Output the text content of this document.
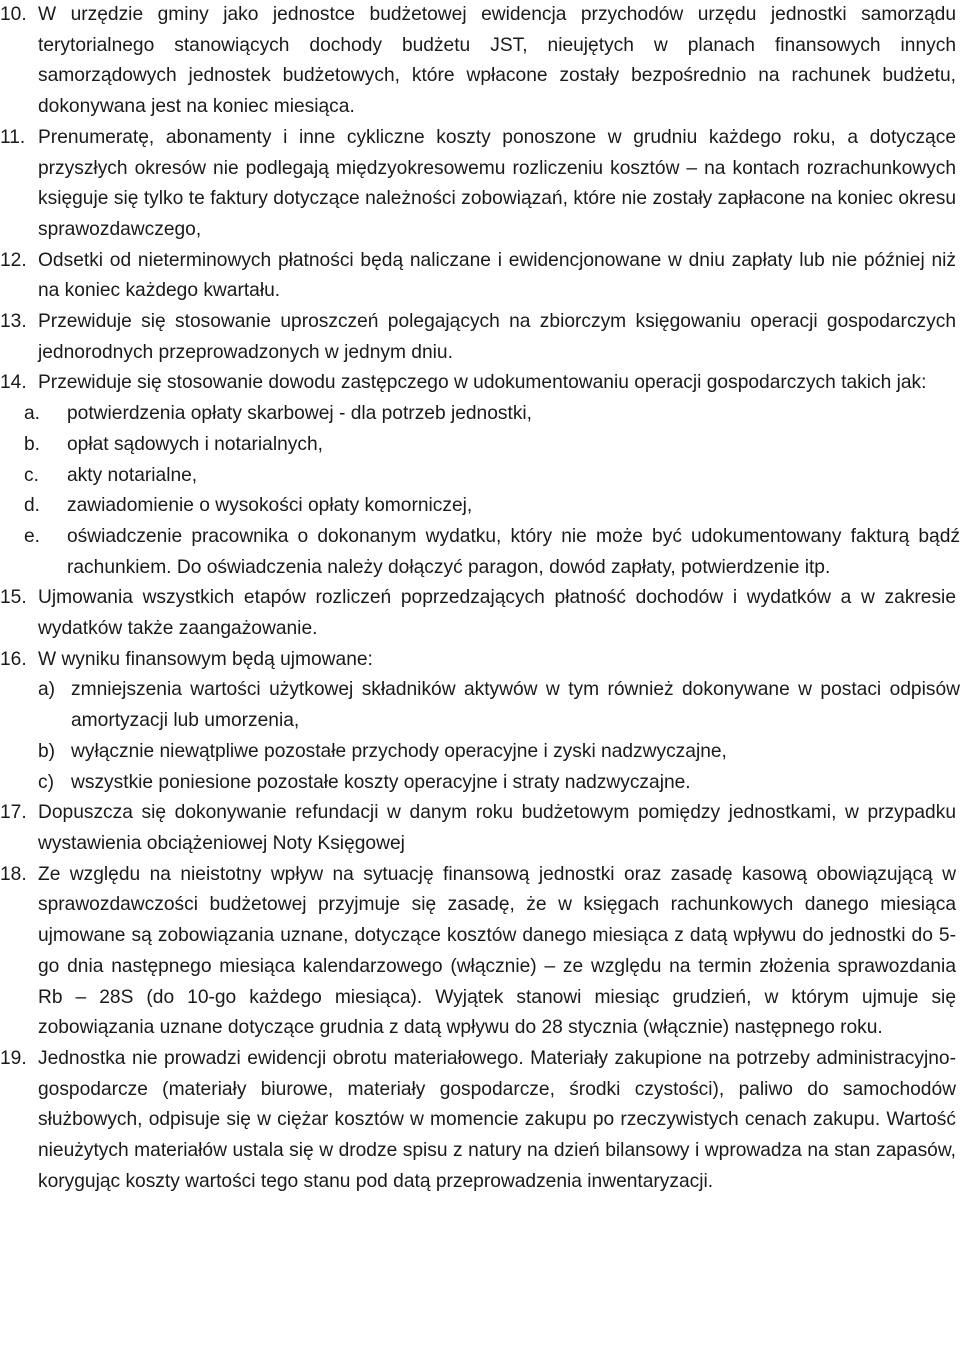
10. W urzędzie gminy jako jednostce budżetowej ewidencja przychodów urzędu jednostki samorządu terytorialnego stanowiących dochody budżetu JST, nieujętych w planach finansowych innych samorządowych jednostek budżetowych, które wpłacone zostały bezpośrednio na rachunek budżetu, dokonywana jest na koniec miesiąca.
11. Prenumeratę, abonamenty i inne cykliczne koszty ponoszone w grudniu każdego roku, a dotyczące przyszłych okresów nie podlegają międzyokresowemu rozliczeniu kosztów – na kontach rozrachunkowych księguje się tylko te faktury dotyczące należności zobowiązań, które nie zostały zapłacone na koniec okresu sprawozdawczego,
12. Odsetki od nieterminowych płatności będą naliczane i ewidencjonowane w dniu zapłaty lub nie później niż na koniec każdego kwartału.
13. Przewiduje się stosowanie uproszczeń polegających na zbiorczym księgowaniu operacji gospodarczych jednorodnych przeprowadzonych w jednym dniu.
14. Przewiduje się stosowanie dowodu zastępczego w udokumentowaniu operacji gospodarczych takich jak:
a. potwierdzenia opłaty skarbowej - dla potrzeb jednostki,
b. opłat sądowych i notarialnych,
c. akty notarialne,
d. zawiadomienie o wysokości opłaty komorniczej,
e. oświadczenie pracownika o dokonanym wydatku, który nie może być udokumentowany fakturą bądź rachunkiem. Do oświadczenia należy dołączyć paragon, dowód zapłaty, potwierdzenie itp.
15. Ujmowania wszystkich etapów rozliczeń poprzedzających płatność dochodów i wydatków a w zakresie wydatków także zaangażowanie.
16. W wyniku finansowym będą ujmowane:
a) zmniejszenia wartości użytkowej składników aktywów w tym również dokonywane w postaci odpisów amortyzacji lub umorzenia,
b) wyłącznie niewątpliwe pozostałe przychody operacyjne i zyski nadzwyczajne,
c) wszystkie poniesione pozostałe koszty operacyjne i straty nadzwyczajne.
17. Dopuszcza się dokonywanie refundacji w danym roku budżetowym pomiędzy jednostkami, w przypadku wystawienia obciążeniowej Noty Księgowej
18. Ze względu na nieistotny wpływ na sytuację finansową jednostki oraz zasadę kasową obowiązującą w sprawozdawczości budżetowej przyjmuje się zasadę, że w księgach rachunkowych danego miesiąca ujmowane są zobowiązania uznane, dotyczące kosztów danego miesiąca z datą wpływu do jednostki do 5-go dnia następnego miesiąca kalendarzowego (włącznie) – ze względu na termin złożenia sprawozdania Rb – 28S (do 10-go każdego miesiąca). Wyjątek stanowi miesiąc grudzień, w którym ujmuje się zobowiązania uznane dotyczące grudnia z datą wpływu do 28 stycznia (włącznie) następnego roku.
19. Jednostka nie prowadzi ewidencji obrotu materiałowego. Materiały zakupione na potrzeby administracyjno-gospodarcze (materiały biurowe, materiały gospodarcze, środki czystości), paliwo do samochodów służbowych, odpisuje się w ciężar kosztów w momencie zakupu po rzeczywistych cenach zakupu. Wartość nieużytych materiałów ustala się w drodze spisu z natury na dzień bilansowy i wprowadza na stan zapasów, korygując koszty wartości tego stanu pod datą przeprowadzenia inwentaryzacji.
